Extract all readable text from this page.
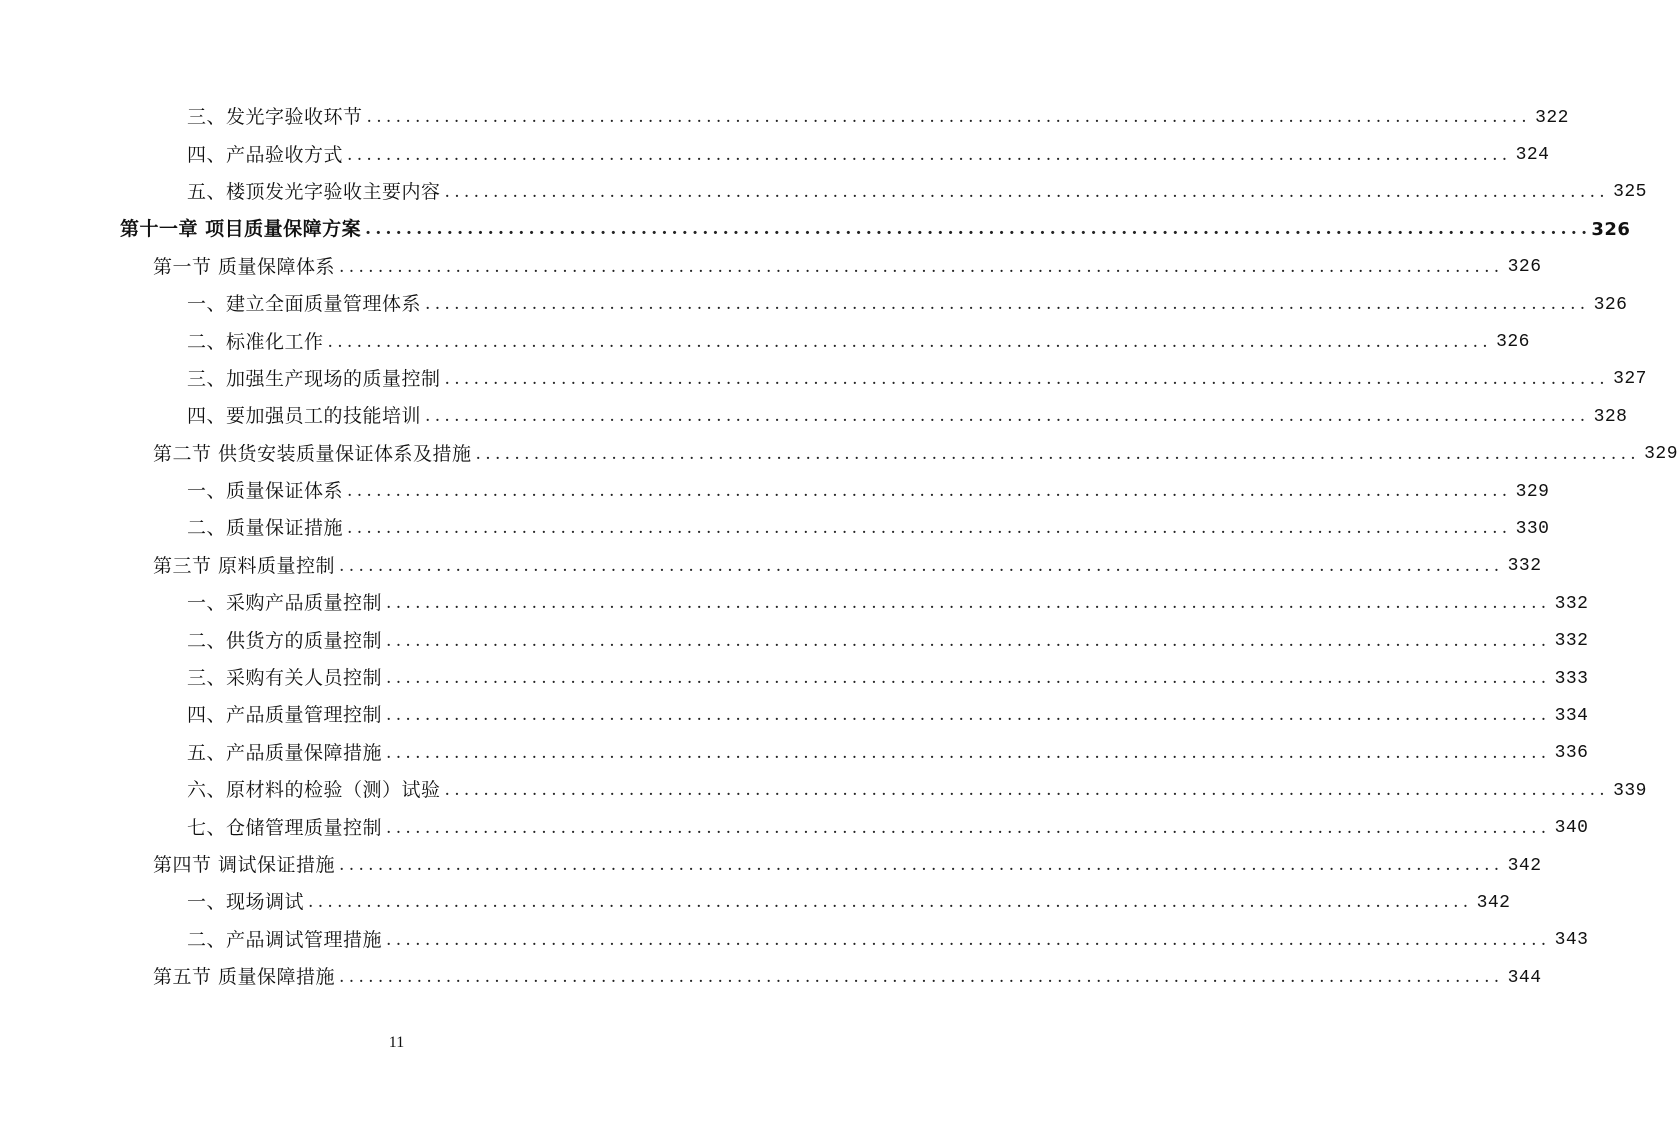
三、发光字验收环节 ........................................................................................................................ 322
四、产品验收方式 ........................................................................................................................ 324
五、楼顶发光字验收主要内容 ........................................................................................................................ 325
第十一章 项目质量保障方案 ........................................................................................................................ 326
第一节 质量保障体系 ........................................................................................................................ 326
一、建立全面质量管理体系 ........................................................................................................................ 326
二、标准化工作 ........................................................................................................................ 326
三、加强生产现场的质量控制 ........................................................................................................................ 327
四、要加强员工的技能培训 ........................................................................................................................ 328
第二节 供货安装质量保证体系及措施 ........................................................................................................................ 329
一、质量保证体系 ........................................................................................................................ 329
二、质量保证措施 ........................................................................................................................ 330
第三节 原料质量控制 ........................................................................................................................ 332
一、采购产品质量控制 ........................................................................................................................ 332
二、供货方的质量控制 ........................................................................................................................ 332
三、采购有关人员控制 ........................................................................................................................ 333
四、产品质量管理控制 ........................................................................................................................ 334
五、产品质量保障措施 ........................................................................................................................ 336
六、原材料的检验（测）试验 ........................................................................................................................ 339
七、仓储管理质量控制 ........................................................................................................................ 340
第四节 调试保证措施 ........................................................................................................................ 342
一、现场调试 ........................................................................................................................ 342
二、产品调试管理措施 ........................................................................................................................ 343
第五节 质量保障措施 ........................................................................................................................ 344
11
